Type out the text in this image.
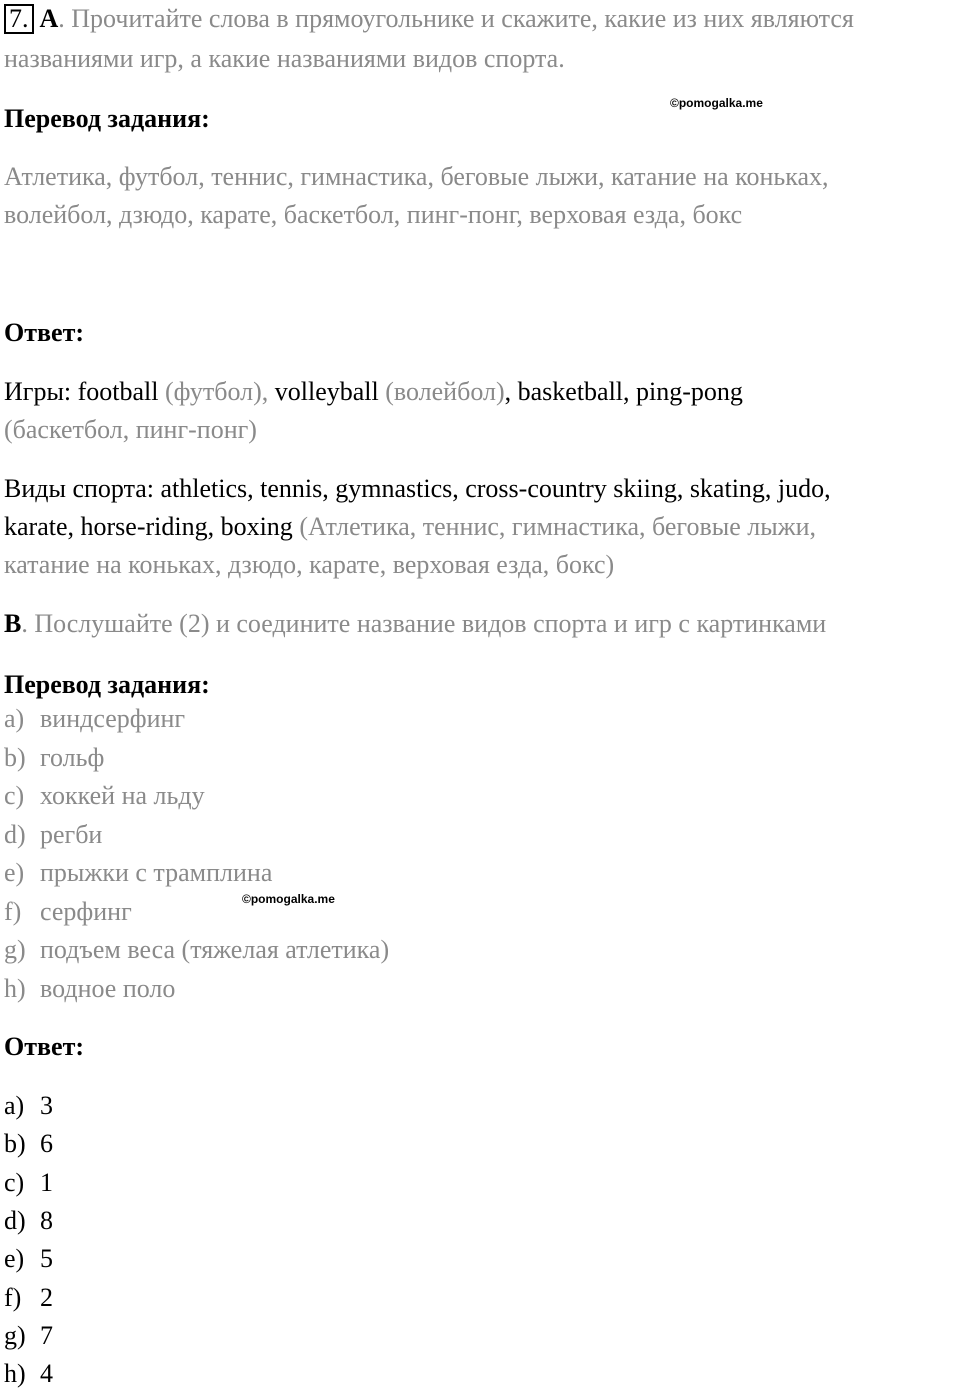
7. A. Прочитайте слова в прямоугольнике и скажите, какие из них являются
названиями игр, а какие названиями видов спорта.
©pomogalka.me
Перевод задания:
Атлетика, футбол, теннис, гимнастика, беговые лыжи, катание на коньках,
волейбол, дзюдо, карате, баскетбол, пинг-понг, верховая езда, бокс
Ответ:
Игры: football (футбол), volleyball (волейбол), basketball, ping-pong
(баскетбол, пинг-понг)
Виды спорта: athletics, tennis, gymnastics, cross-country skiing, skating, judo,
karate, horse-riding, boxing (Атлетика, теннис, гимнастика, беговые лыжи,
катание на коньках, дзюдо, карате, верховая езда, бокс)
B. Послушайте (2) и соедините название видов спорта и игр с картинками
Перевод задания:
a) виндсерфинг
b) гольф
c) хоккей на льду
d) регби
e) прыжки с трамплина
f) серфинг
g) подъем веса (тяжелая атлетика)
h) водное поло
©pomogalka.me
Ответ:
a) 3
b) 6
c) 1
d) 8
e) 5
f) 2
g) 7
h) 4
